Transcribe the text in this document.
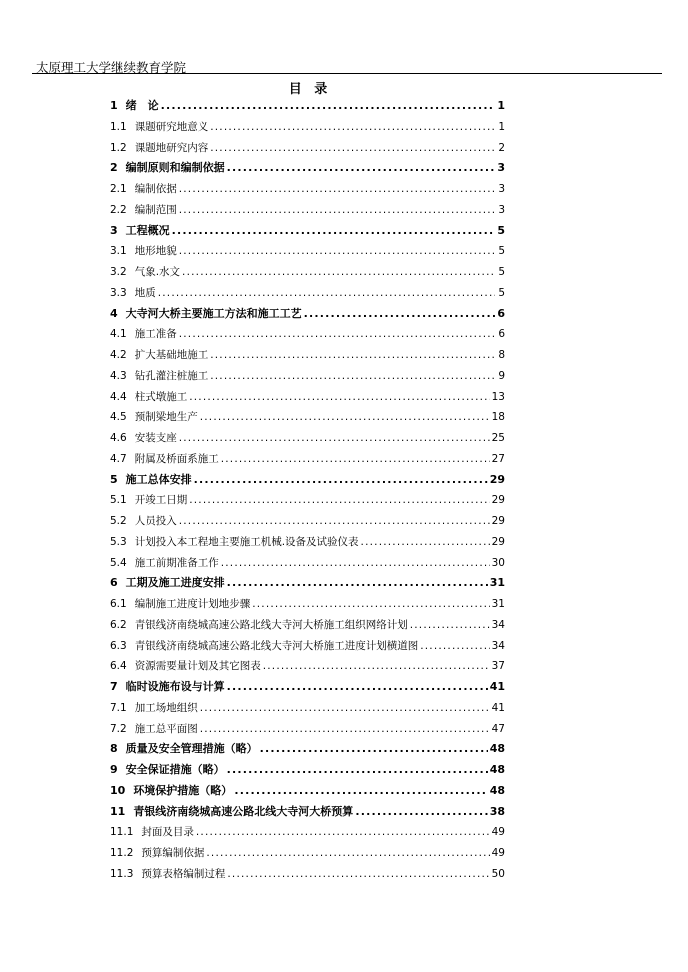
太原理工大学继续教育学院
目 录
1 绪　论 .....	1
1.1 课题研究地意义 .....	1
1.2 课题地研究内容 .....	2
2 编制原则和编制依据 .....	3
2.1 编制依据 .....	3
2.2 编制范围 .....	3
3 工程概况 .....	5
3.1 地形地貌 .....	5
3.2 气象.水文 .....	5
3.3 地质 .....	5
4 大寺河大桥主要施工方法和施工工艺 .....	6
4.1 施工准备 .....	6
4.2 扩大基础地施工 .....	8
4.3 钻孔灌注桩施工 .....	9
4.4 柱式墩施工 .....	13
4.5 预制梁地生产 .....	18
4.6 安装支座 .....	25
4.7 附属及桥面系施工 .....	27
5 施工总体安排 .....	29
5.1 开竣工日期 .....	29
5.2 人员投入 .....	29
5.3 计划投入本工程地主要施工机械.设备及试验仪表 .....	29
5.4 施工前期准备工作 .....	30
6 工期及施工进度安排 .....	31
6.1 编制施工进度计划地步骤 .....	31
6.2 青银线济南绕城高速公路北线大寺河大桥施工组织网络计划 .....	34
6.3 青银线济南绕城高速公路北线大寺河大桥施工进度计划横道图 .....	34
6.4 资源需要量计划及其它图表 .....	37
7 临时设施布设与计算 .....	41
7.1 加工场地组织 .....	41
7.2 施工总平面图 .....	47
8 质量及安全管理措施（略） .....	48
9 安全保证措施（略） .....	48
10 环境保护措施（略） .....	48
11 青银线济南绕城高速公路北线大寺河大桥预算 .....	38
11.1 封面及目录 .....	49
11.2 预算编制依据 .....	49
11.3 预算表格编制过程 .....	50
